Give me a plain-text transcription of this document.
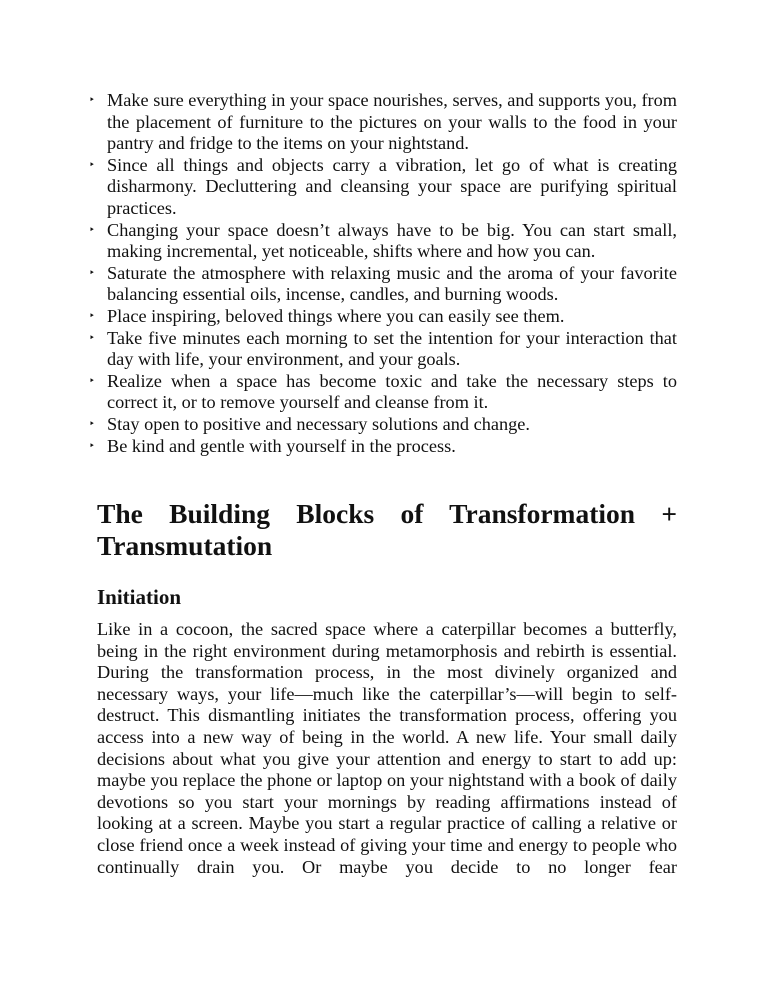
‣ Make sure everything in your space nourishes, serves, and supports you, from the placement of furniture to the pictures on your walls to the food in your pantry and fridge to the items on your nightstand.
‣ Since all things and objects carry a vibration, let go of what is creating disharmony. Decluttering and cleansing your space are purifying spiritual practices.
‣ Changing your space doesn’t always have to be big. You can start small, making incremental, yet noticeable, shifts where and how you can.
‣ Saturate the atmosphere with relaxing music and the aroma of your favorite balancing essential oils, incense, candles, and burning woods.
‣ Place inspiring, beloved things where you can easily see them.
‣ Take five minutes each morning to set the intention for your interaction that day with life, your environment, and your goals.
‣ Realize when a space has become toxic and take the necessary steps to correct it, or to remove yourself and cleanse from it.
‣ Stay open to positive and necessary solutions and change.
‣ Be kind and gentle with yourself in the process.
The Building Blocks of Transformation + Transmutation
Initiation

Like in a cocoon, the sacred space where a caterpillar becomes a butterfly, being in the right environment during metamorphosis and rebirth is essential. During the transformation process, in the most divinely organized and necessary ways, your life—much like the caterpillar’s—will begin to self-destruct. This dismantling initiates the transformation process, offering you access into a new way of being in the world. A new life. Your small daily decisions about what you give your attention and energy to start to add up: maybe you replace the phone or laptop on your nightstand with a book of daily devotions so you start your mornings by reading affirmations instead of looking at a screen. Maybe you start a regular practice of calling a relative or close friend once a week instead of giving your time and energy to people who continually drain you. Or maybe you decide to no longer fear
